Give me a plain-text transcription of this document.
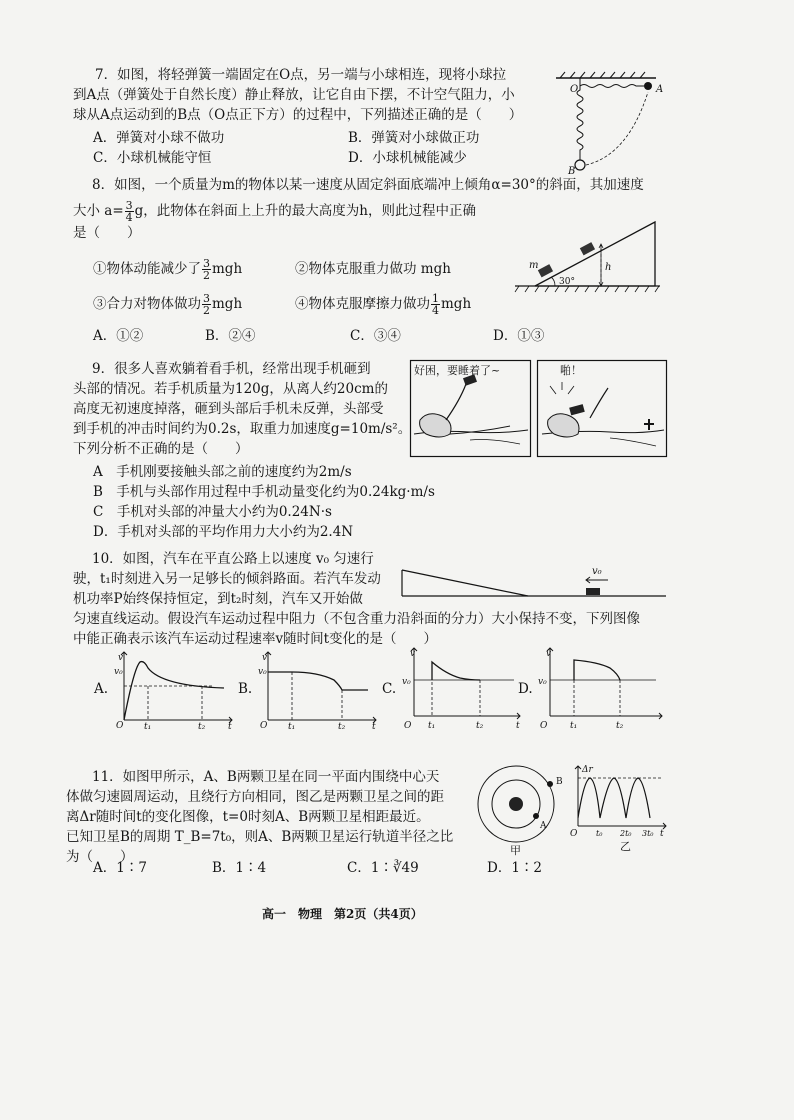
7．如图，将轻弹簧一端固定在O点，另一端与小球相连，现将小球拉
到A点（弹簧处于自然长度）静止释放，让它自由下摆，不计空气阻力，小
球从A点运动到的B点（O点正下方）的过程中，下列描述正确的是（　　）
A．弹簧对小球不做功	B．弹簧对小球做正功
C．小球机械能守恒	D．小球机械能减少
O	A
B
8．如图，一个质量为m的物体以某一速度从固定斜面底端冲上倾角α=30°的斜面，其加速度
大小 $a= \frac{3}{4}$ g，此物体在斜面上上升的最大高度为h，则此过程中正确
是（　　）
①物体动能减少了 $\frac{3}{2}$ mgh	②物体克服重力做功 mgh
③合力对物体做功 $\frac{3}{2}$ mgh	④物体克服摩擦力做功 $\frac{1}{4}$ mgh
A．①②	B．②④	C．③④	D．①③
m
30°
h
9．很多人喜欢躺着看手机，经常出现手机砸到
头部的情况。若手机质量为120g，从离人约20cm的
高度无初速度掉落，砸到头部后手机未反弹，头部受
到手机的冲击时间约为0.2s，取重力加速度g=10m/s²。
下列分析不正确的是（　　）
A　手机刚要接触头部之前的速度约为2m/s
B　手机与头部作用过程中手机动量变化约为0.24kg·m/s
C　手机对头部的冲量大小约为0.24N·s
D．手机对头部的平均作用力大小约为2.4N
好困，要睡着了~	啪！
10．如图，汽车在平直公路上以速度 v₀ 匀速行
驶，t₁时刻进入另一足够长的倾斜路面。若汽车发动
机功率P始终保持恒定，到t₂时刻，汽车又开始做
匀速直线运动。假设汽车运动过程中阻力（不包含重力沿斜面的分力）大小保持不变，下列图像
中能正确表示该汽车运动过程速率v随时间t变化的是（　　）
v₀
A.	B.	C.	D.
v
v₀
O t₁	t₂	t
v
v₀
O t₁	t₂	t
v
v₀
O t₁	t₂	t
v
v₀
O	t₁	t₂
11．如图甲所示，A、B两颗卫星在同一平面内围绕中心天
体做匀速圆周运动，且绕行方向相同，图乙是两颗卫星之间的距
离Δr随时间t的变化图像，t=0时刻A、B两颗卫星相距最近。
已知卫星B的周期 T_B=7t₀，则A、B两颗卫星运行轨道半径之比
为（　　）
A．1∶7	B．1∶4	C．1∶∛49	D．1∶2
A
B
甲
Δr
O t₀ 2t₀ 3t₀ t
乙
高一　物理　第2页（共4页）
